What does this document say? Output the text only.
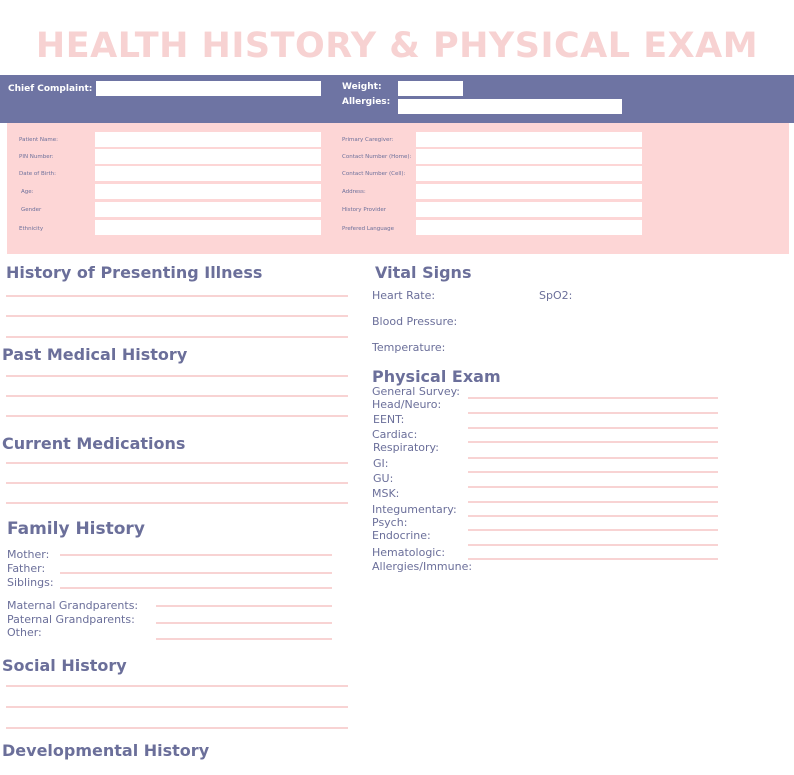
HEALTH HISTORY & PHYSICAL EXAM
Chief Complaint:	Weight:
Allergies:
Patient Name:
PIN Number:
Date of Birth:
Age:
Gender
Ethnicity
Primary Caregiver:
Contact Number (Home):
Contact Number (Cell):
Address:
History Provider
Prefered Language
History of Presenting Illness
Past Medical History
Current Medications
Family History
Mother:
Father:
Siblings:
Maternal Grandparents:
Paternal Grandparents:
Other:
Social History
Developmental History
Vital Signs
Heart Rate:	SpO2:
Blood Pressure:
Temperature:
Physical Exam
General Survey:
Head/Neuro:
EENT:
Cardiac:
Respiratory:
GI:
GU:
MSK:
Integumentary:
Psych:
Endocrine:
Hematologic:
Allergies/Immune:
